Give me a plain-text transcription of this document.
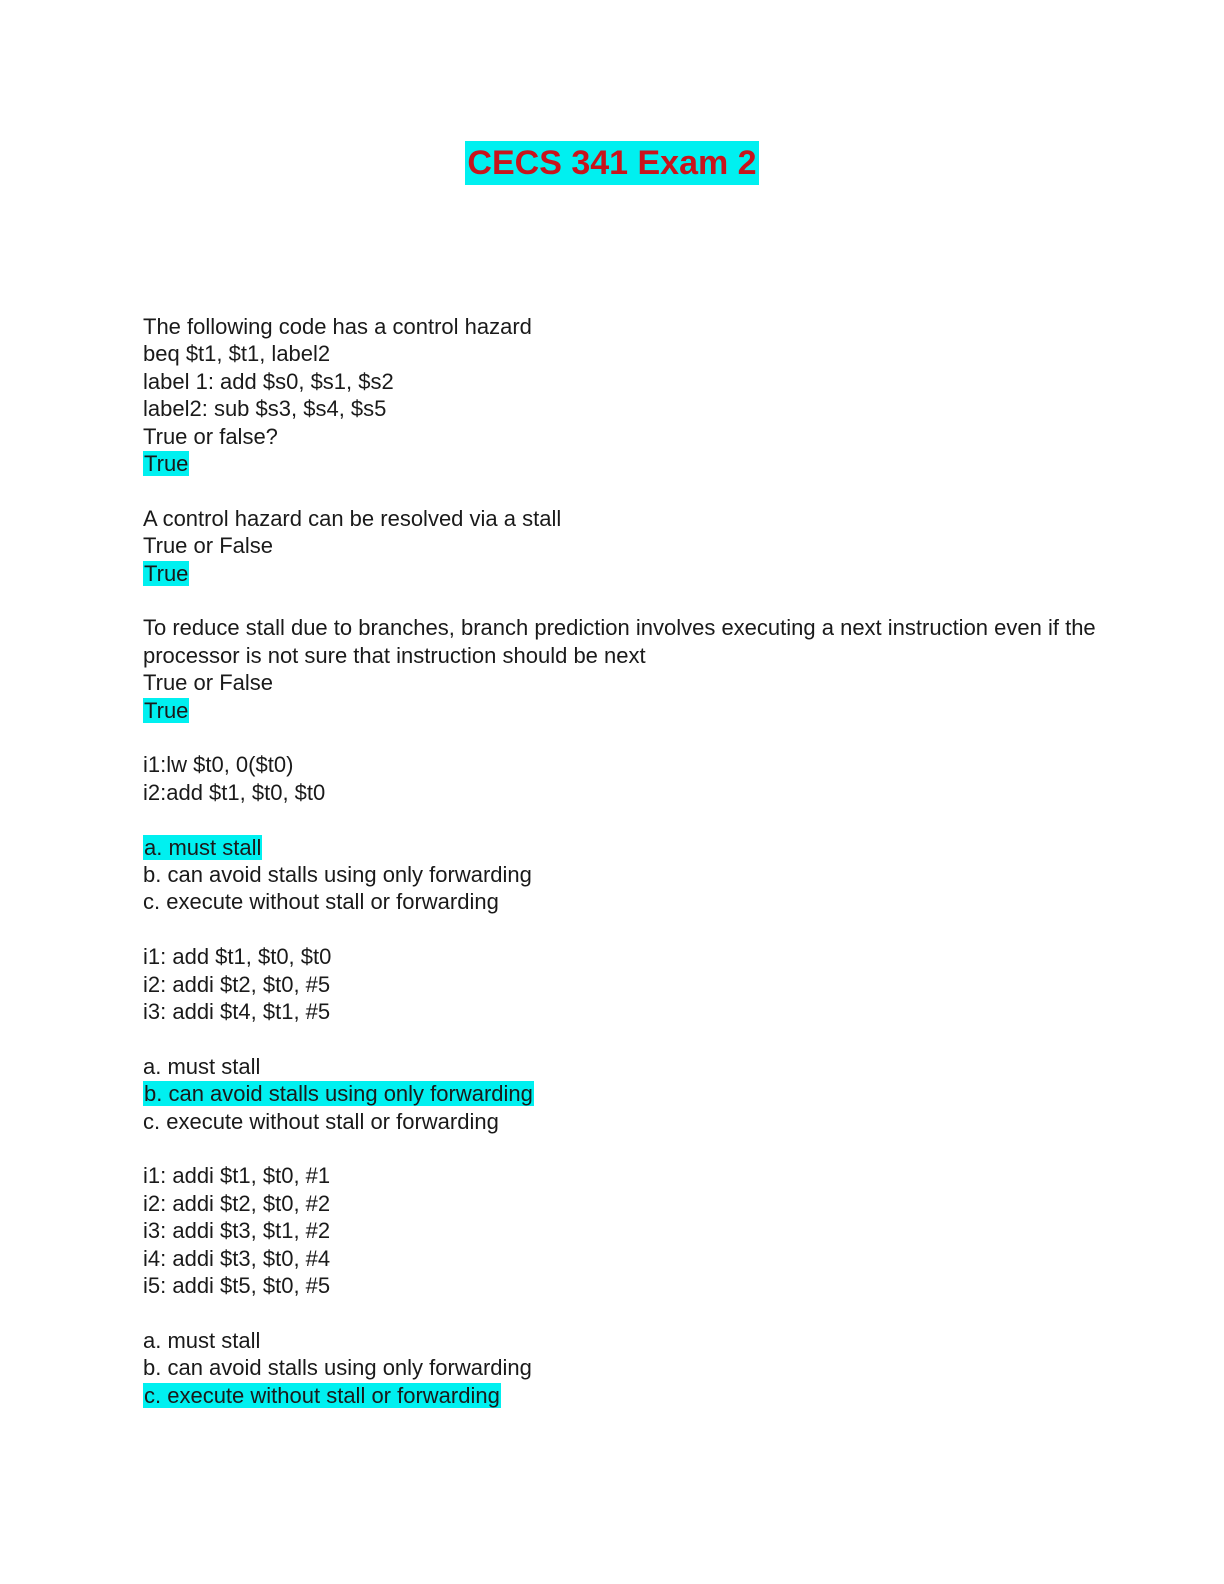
CECS 341 Exam 2
The following code has a control hazard
beq $t1, $t1, label2
label 1: add $s0, $s1, $s2
label2: sub $s3, $s4, $s5
True or false?
True
A control hazard can be resolved via a stall
True or False
True
To reduce stall due to branches, branch prediction involves executing a next instruction even if the processor is not sure that instruction should be next
True or False
True
i1:lw $t0, 0($t0)
i2:add $t1, $t0, $t0
a. must stall
b. can avoid stalls using only forwarding
c. execute without stall or forwarding
i1: add $t1, $t0, $t0
i2: addi $t2, $t0, #5
i3: addi $t4, $t1, #5
a. must stall
b. can avoid stalls using only forwarding
c. execute without stall or forwarding
i1: addi $t1, $t0, #1
i2: addi $t2, $t0, #2
i3: addi $t3, $t1, #2
i4: addi $t3, $t0, #4
i5: addi $t5, $t0, #5
a. must stall
b. can avoid stalls using only forwarding
c. execute without stall or forwarding
